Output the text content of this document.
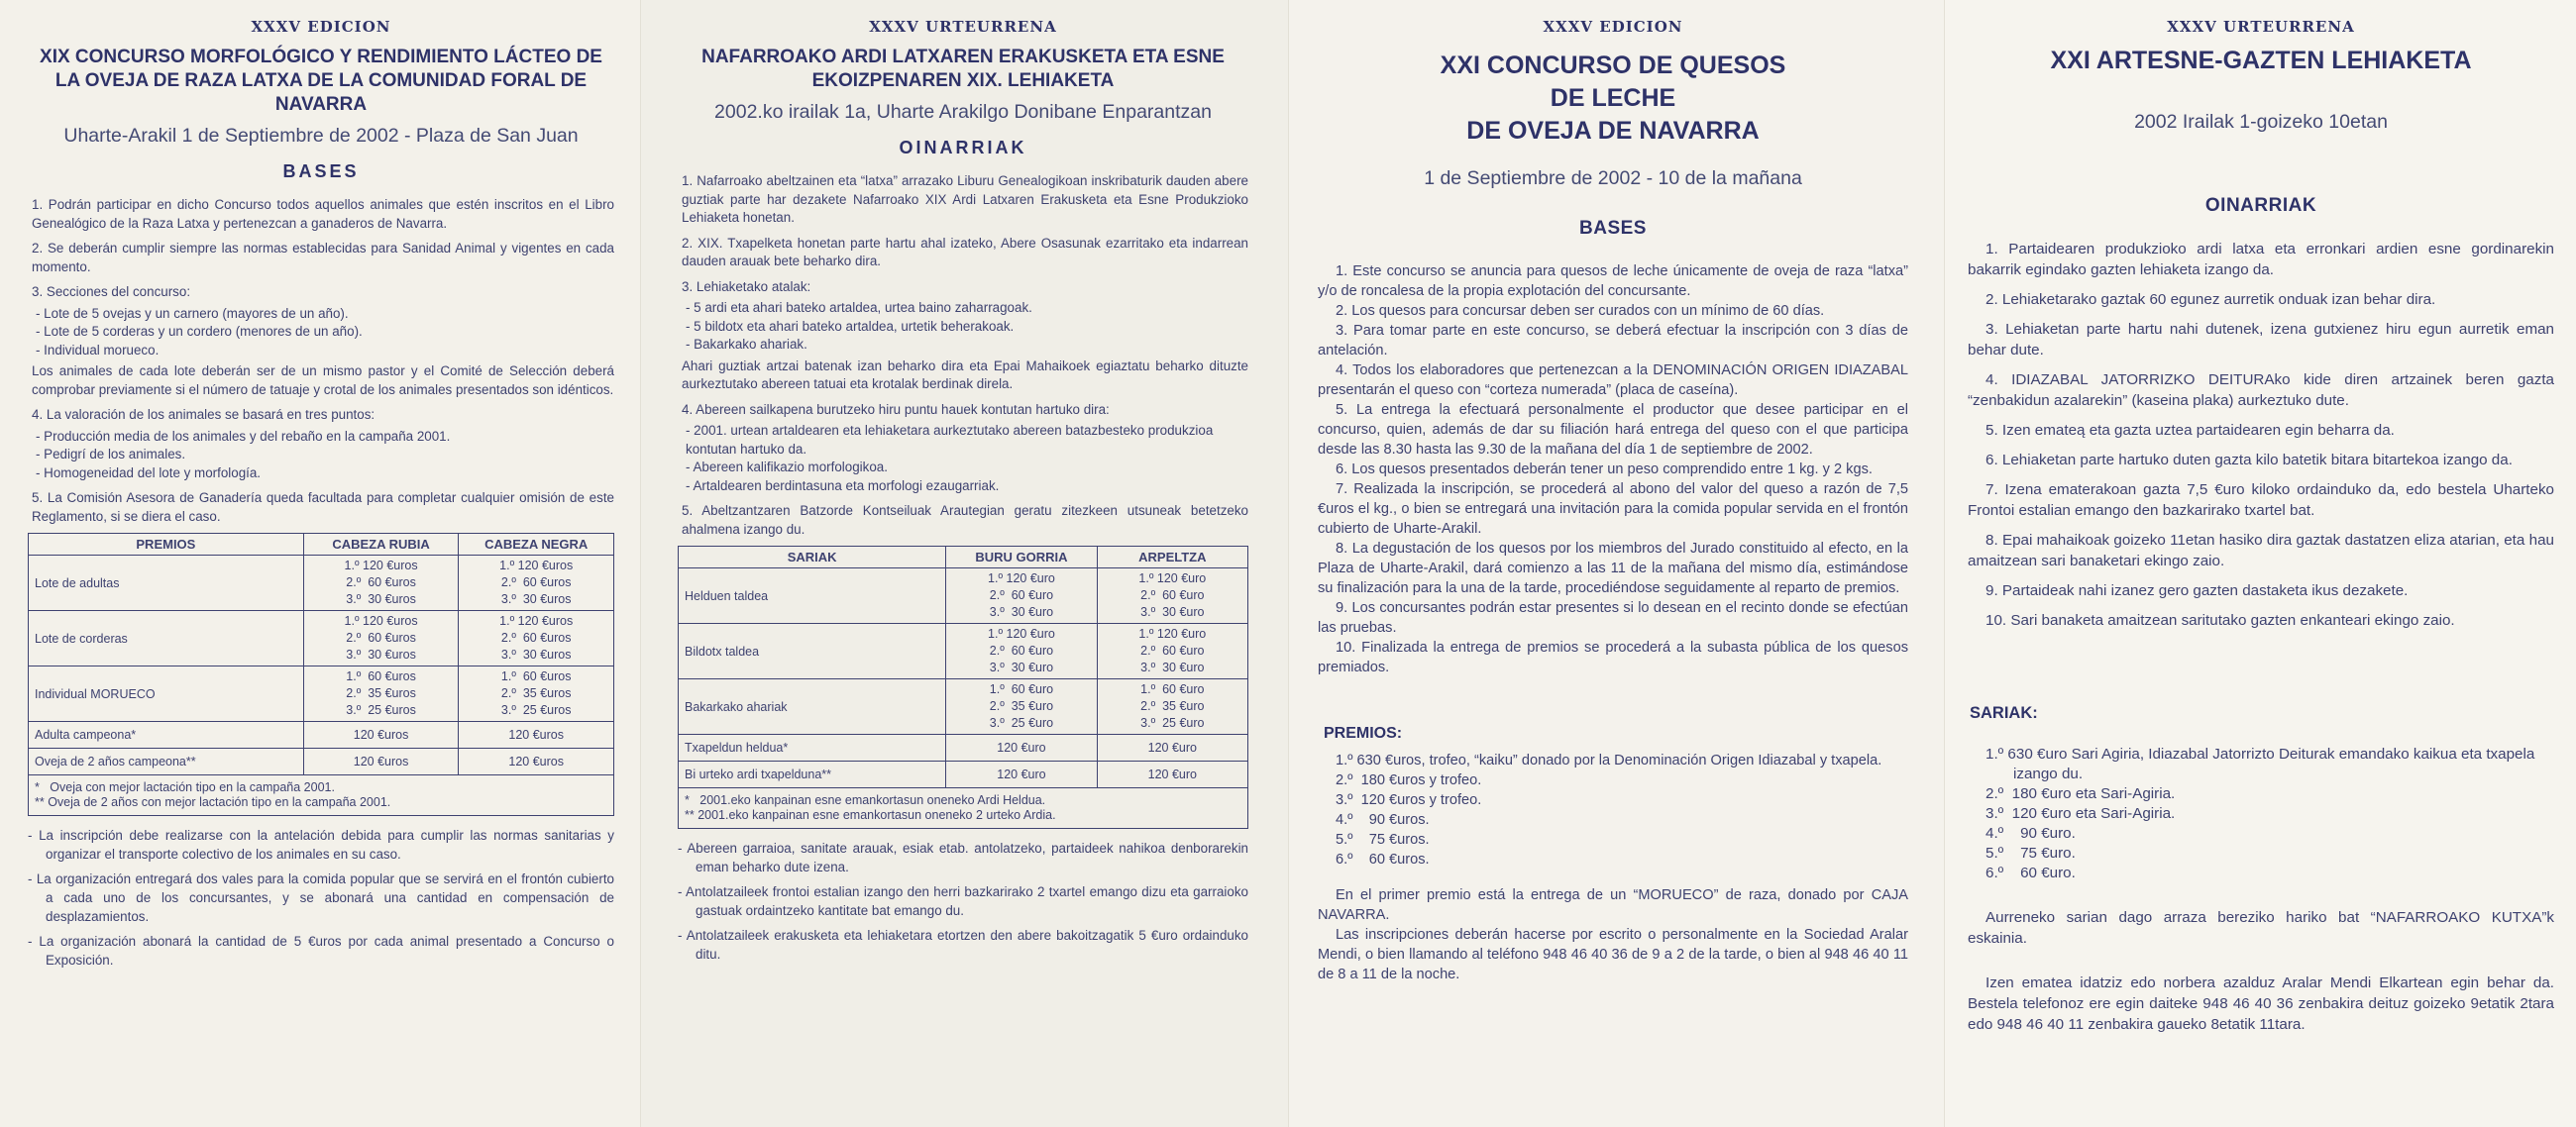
XXXV EDICION
XIX CONCURSO MORFOLÓGICO Y RENDIMIENTO LÁCTEO DE LA OVEJA DE RAZA LATXA DE LA COMUNIDAD FORAL DE NAVARRA
Uharte-Arakil 1 de Septiembre de 2002 - Plaza de San Juan
BASES
1. Podrán participar en dicho Concurso todos aquellos animales que estén inscritos en el Libro Genealógico de la Raza Latxa y pertenezcan a ganaderos de Navarra.
2. Se deberán cumplir siempre las normas establecidas para Sanidad Animal y vigentes en cada momento.
3. Secciones del concurso:
- Lote de 5 ovejas y un carnero (mayores de un año).
- Lote de 5 corderas y un cordero (menores de un año).
- Individual morueco.
Los animales de cada lote deberán ser de un mismo pastor y el Comité de Selección deberá comprobar previamente si el número de tatuaje y crotal de los animales presentados son idénticos.
4. La valoración de los animales se basará en tres puntos:
- Producción media de los animales y del rebaño en la campaña 2001.
- Pedigrí de los animales.
- Homogeneidad del lote y morfología.
5. La Comisión Asesora de Ganadería queda facultada para completar cualquier omisión de este Reglamento, si se diera el caso.
PREMIOS	CABEZA RUBIA	CABEZA NEGRA
Lote de adultas	1.º 120 €uros
2.º  60 €uros
3.º  30 €uros	1.º 120 €uros
2.º  60 €uros
3.º  30 €uros
Lote de corderas	1.º 120 €uros
2.º  60 €uros
3.º  30 €uros	1.º 120 €uros
2.º  60 €uros
3.º  30 €uros
Individual MORUECO	1.º  60 €uros
2.º  35 €uros
3.º  25 €uros	1.º  60 €uros
2.º  35 €uros
3.º  25 €uros
Adulta campeona*	120 €uros	120 €uros
Oveja de 2 años campeona**	120 €uros	120 €uros

*   Oveja con mejor lactación tipo en la campaña 2001.
** Oveja de 2 años con mejor lactación tipo en la campaña 2001.		
- La inscripción debe realizarse con la antelación debida para cumplir las normas sanitarias y organizar el transporte colectivo de los animales en su caso.
- La organización entregará dos vales para la comida popular que se servirá en el frontón cubierto a cada uno de los concursantes, y se abonará una cantidad en compensación de desplazamientos.
- La organización abonará la cantidad de 5 €uros por cada animal presentado a Concurso o Exposición.
XXXV URTEURRENA
NAFARROAKO ARDI LATXAREN ERAKUSKETA ETA ESNE EKOIZPENAREN XIX. LEHIAKETA
2002.ko irailak 1a, Uharte Arakilgo Donibane Enparantzan
OINARRIAK
1. Nafarroako abeltzainen eta “latxa” arrazako Liburu Genealogikoan inskribaturik dauden abere guztiak parte har dezakete Nafarroako XIX Ardi Latxaren Erakusketa eta Esne Produkzioko Lehiaketa honetan.
2. XIX. Txapelketa honetan parte hartu ahal izateko, Abere Osasunak ezarritako eta indarrean dauden arauak bete beharko dira.
3. Lehiaketako atalak:
- 5 ardi eta ahari bateko artaldea, urtea baino zaharragoak.
- 5 bildotx eta ahari bateko artaldea, urtetik beherakoak.
- Bakarkako ahariak.
Ahari guztiak artzai batenak izan beharko dira eta Epai Mahaikoek egiaztatu beharko dituzte aurkeztutako abereen tatuai eta krotalak berdinak direla.
4. Abereen sailkapena burutzeko hiru puntu hauek kontutan hartuko dira:
- 2001. urtean artaldearen eta lehiaketara aurkeztutako abereen batazbesteko produkzioa kontutan hartuko da.
- Abereen kalifikazio morfologikoa.
- Artaldearen berdintasuna eta morfologi ezaugarriak.
5. Abeltzantzaren Batzorde Kontseiluak Arautegian geratu zitezkeen utsuneak betetzeko ahalmena izango du.
SARIAK	BURU GORRIA	ARPELTZA
Helduen taldea	1.º 120 €uro
2.º  60 €uro
3.º  30 €uro	1.º 120 €uro
2.º  60 €uro
3.º  30 €uro
Bildotx taldea	1.º 120 €uro
2.º  60 €uro
3.º  30 €uro	1.º 120 €uro
2.º  60 €uro
3.º  30 €uro
Bakarkako ahariak	1.º  60 €uro
2.º  35 €uro
3.º  25 €uro	1.º  60 €uro
2.º  35 €uro
3.º  25 €uro
Txapeldun heldua*	120 €uro	120 €uro
Bi urteko ardi txapelduna**	120 €uro	120 €uro

*   2001.eko kanpainan esne emankortasun oneneko Ardi Heldua.
** 2001.eko kanpainan esne emankortasun oneneko 2 urteko Ardia.		
- Abereen garraioa, sanitate arauak, esiak etab. antolatzeko, partaideek nahikoa denborarekin eman beharko dute izena.
- Antolatzaileek frontoi estalian izango den herri bazkarirako 2 txartel emango dizu eta garraioko gastuak ordaintzeko kantitate bat emango du.
- Antolatzaileek erakusketa eta lehiaketara etortzen den abere bakoitzagatik 5 €uro ordainduko ditu.
XXXV EDICION
XXI CONCURSO DE QUESOS
DE LECHE
DE OVEJA DE NAVARRA
1 de Septiembre de 2002 - 10 de la mañana
BASES
1. Este concurso se anuncia para quesos de leche únicamente de oveja de raza “latxa” y/o de roncalesa de la propia explotación del concursante.
2. Los quesos para concursar deben ser curados con un mínimo de 60 días.
3. Para tomar parte en este concurso, se deberá efectuar la inscripción con 3 días de antelación.
4. Todos los elaboradores que pertenezcan a la DENOMINACIÓN ORIGEN IDIAZABAL presentarán el queso con “corteza numerada” (placa de caseína).
5. La entrega la efectuará personalmente el productor que desee participar en el concurso, quien, además de dar su filiación hará entrega del queso con el que participa desde las 8.30 hasta las 9.30 de la mañana del día 1 de septiembre de 2002.
6. Los quesos presentados deberán tener un peso comprendido entre 1 kg. y 2 kgs.
7. Realizada la inscripción, se procederá al abono del valor del queso a razón de 7,5 €uros el kg., o bien se entregará una invitación para la comida popular servida en el frontón cubierto de Uharte-Arakil.
8. La degustación de los quesos por los miembros del Jurado constituido al efecto, en la Plaza de Uharte-Arakil, dará comienzo a las 11 de la mañana del mismo día, estimándose su finalización para la una de la tarde, procediéndose seguidamente al reparto de premios.
9. Los concursantes podrán estar presentes si lo desean en el recinto donde se efectúan las pruebas.
10. Finalizada la entrega de premios se procederá a la subasta pública de los quesos premiados.
PREMIOS:
1.º 630 €uros, trofeo, “kaiku” donado por la Denominación Origen Idiazabal y txapela.
2.º  180 €uros y trofeo.
3.º  120 €uros y trofeo.
4.º    90 €uros.
5.º    75 €uros.
6.º    60 €uros.

En el primer premio está la entrega de un “MORUECO” de raza, donado por CAJA NAVARRA.

Las inscripciones deberán hacerse por escrito o personalmente en la Sociedad Aralar Mendi, o bien llamando al teléfono 948 46 40 36 de 9 a 2 de la tarde, o bien al 948 46 40 11 de 8 a 11 de la noche.

XXXV URTEURRENA
XXI ARTESNE-GAZTEN LEHIAKETA
2002 Irailak 1-goizeko 10etan
OINARRIAK
1. Partaidearen produkzioko ardi latxa eta erronkari ardien esne gordinarekin bakarrik egindako gazten lehiaketa izango da.
2. Lehiaketarako gaztak 60 egunez aurretik onduak izan behar dira.
3. Lehiaketan parte hartu nahi dutenek, izena gutxienez hiru egun aurretik eman behar dute.
4. IDIAZABAL JATORRIZKO DEITURAko kide diren artzainek beren gazta “zenbakidun azalarekin” (kaseina plaka) aurkeztuko dute.
5. Izen emateą eta gazta uztea partaidearen egin beharra da.
6. Lehiaketan parte hartuko duten gazta kilo batetik bitara bitartekoa izango da.
7. Izena ematerakoan gazta 7,5 €uro kiloko ordainduko da, edo bestela Uharteko Frontoi estalian emango den bazkarirako txartel bat.
8. Epai mahaikoak goizeko 11etan hasiko dira gaztak dastatzen eliza atarian, eta hau amaitzean sari banaketari ekingo zaio.
9. Partaideak nahi izanez gero gazten dastaketa ikus dezakete.
10. Sari banaketa amaitzean saritutako gazten enkanteari ekingo zaio.
SARIAK:
1.º 630 €uro Sari Agiria, Idiazabal Jatorrizto Deiturak emandako kaikua eta txapela izango du.
2.º  180 €uro eta Sari-Agiria.
3.º  120 €uro eta Sari-Agiria.
4.º    90 €uro.
5.º    75 €uro.
6.º    60 €uro.

Aurreneko sarian dago arraza bereziko hariko bat “NAFARROAKO KUTXA”k eskainia.

Izen ematea idatziz edo norbera azalduz Aralar Mendi Elkartean egin behar da. Bestela telefonoz ere egin daiteke 948 46 40 36 zenbakira deituz goizeko 9etatik 2tara edo 948 46 40 11 zenbakira gaueko 8etatik 11tara.
